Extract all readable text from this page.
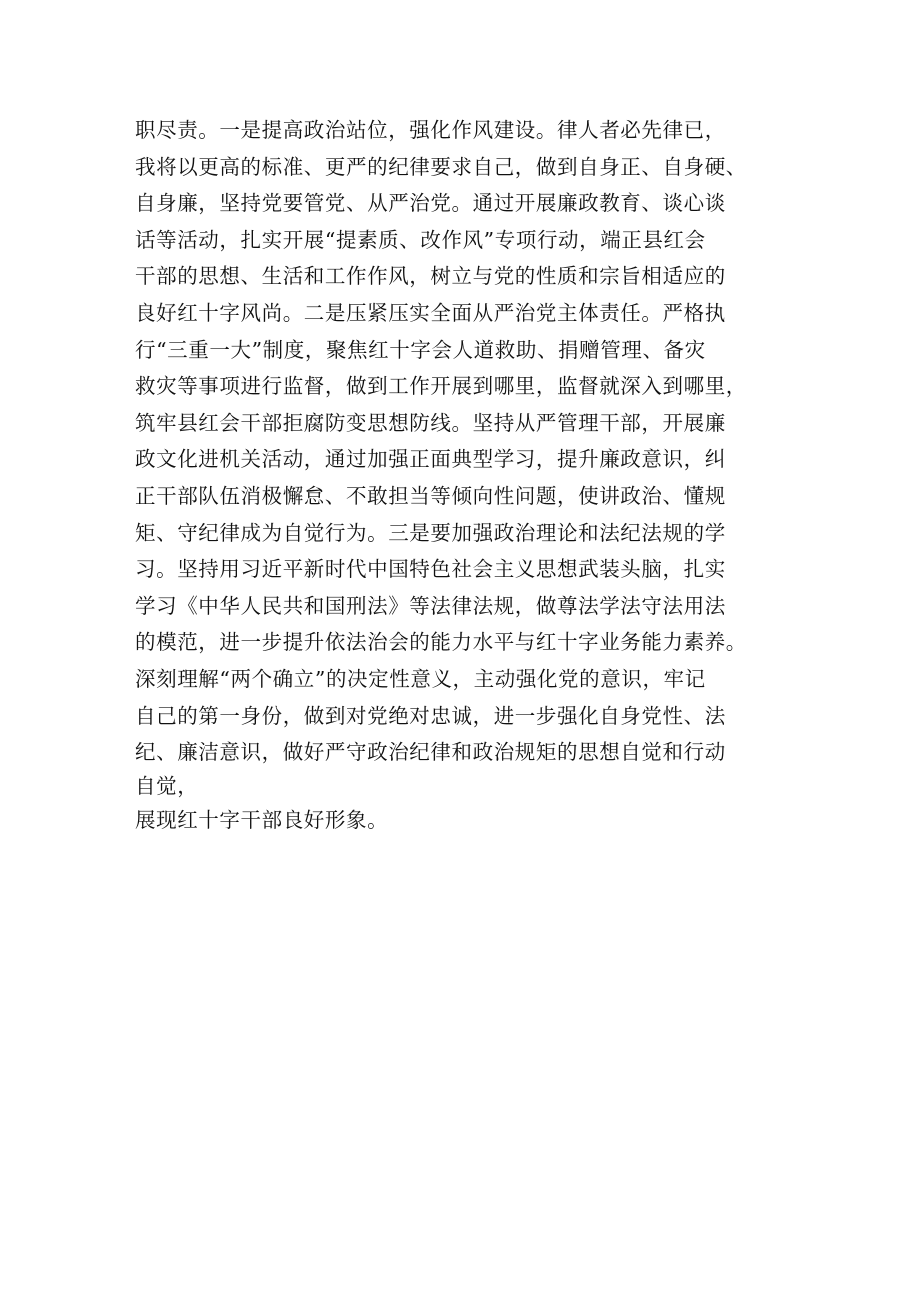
职尽责。一是提高政治站位，强化作风建设。律人者必先律已，
我将以更高的标准、更严的纪律要求自己，做到自身正、自身硬、
自身廉，坚持党要管党、从严治党。通过开展廉政教育、谈心谈
话等活动，扎实开展“提素质、改作风”专项行动，端正县红会
干部的思想、生活和工作作风，树立与党的性质和宗旨相适应的
良好红十字风尚。二是压紧压实全面从严治党主体责任。严格执
行“三重一大”制度，聚焦红十字会人道救助、捐赠管理、备灾
救灾等事项进行监督，做到工作开展到哪里，监督就深入到哪里，
筑牢县红会干部拒腐防变思想防线。坚持从严管理干部，开展廉
政文化进机关活动，通过加强正面典型学习，提升廉政意识，纠
正干部队伍消极懈怠、不敢担当等倾向性问题，使讲政治、懂规
矩、守纪律成为自觉行为。三是要加强政治理论和法纪法规的学
习。坚持用习近平新时代中国特色社会主义思想武装头脑，扎实
学习《中华人民共和国刑法》等法律法规，做尊法学法守法用法
的模范，进一步提升依法治会的能力水平与红十字业务能力素养。
深刻理解“两个确立”的决定性意义，主动强化党的意识，牢记
自己的第一身份，做到对党绝对忠诚，进一步强化自身党性、法
纪、廉洁意识，做好严守政治纪律和政治规矩的思想自觉和行动
自觉，
展现红十字干部良好形象。
